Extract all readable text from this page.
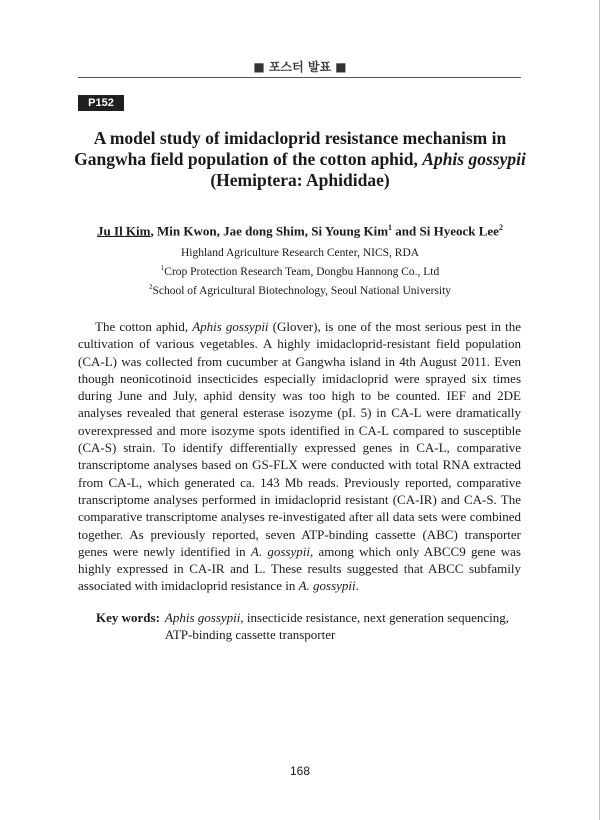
■ 포스터 발표 ■
P152
A model study of imidacloprid resistance mechanism in
Gangwha field population of the cotton aphid, Aphis gossypii
(Hemiptera: Aphididae)
Ju Il Kim, Min Kwon, Jae dong Shim, Si Young Kim$^1$ and Si Hyeock Lee$^2$
Highland Agriculture Research Center, NICS, RDA
$^1$Crop Protection Research Team, Dongbu Hannong Co., Ltd
$^2$School of Agricultural Biotechnology, Seoul National University

The cotton aphid, Aphis gossypii (Glover), is one of the most serious pest in the cultivation of various vegetables. A highly imidacloprid-resistant field population (CA-L) was collected from cucumber at Gangwha island in 4th August 2011. Even though neonicotinoid insecticides especially imidacloprid were sprayed six times during June and July, aphid density was too high to be counted. IEF and 2DE analyses revealed that general esterase isozyme (pI. 5) in CA-L were dramatically overexpressed and more isozyme spots identified in CA-L compared to susceptible (CA-S) strain. To identify differentially expressed genes in CA-L, comparative transcriptome analyses based on GS-FLX were conducted with total RNA extracted from CA-L, which generated ca. 143 Mb reads. Previously reported, comparative transcriptome analyses performed in imidacloprid resistant (CA-IR) and CA-S. The comparative transcriptome analyses re-investigated after all data sets were combined together. As previously reported, seven ATP-binding cassette (ABC) transporter genes were newly identified in A. gossypii, among which only ABCC9 gene was highly expressed in CA-IR and L. These results suggested that ABCC subfamily associated with imidacloprid resistance in A. gossypii.

Key words: Aphis gossypii, insecticide resistance, next generation sequencing,
ATP-binding cassette transporter
168
